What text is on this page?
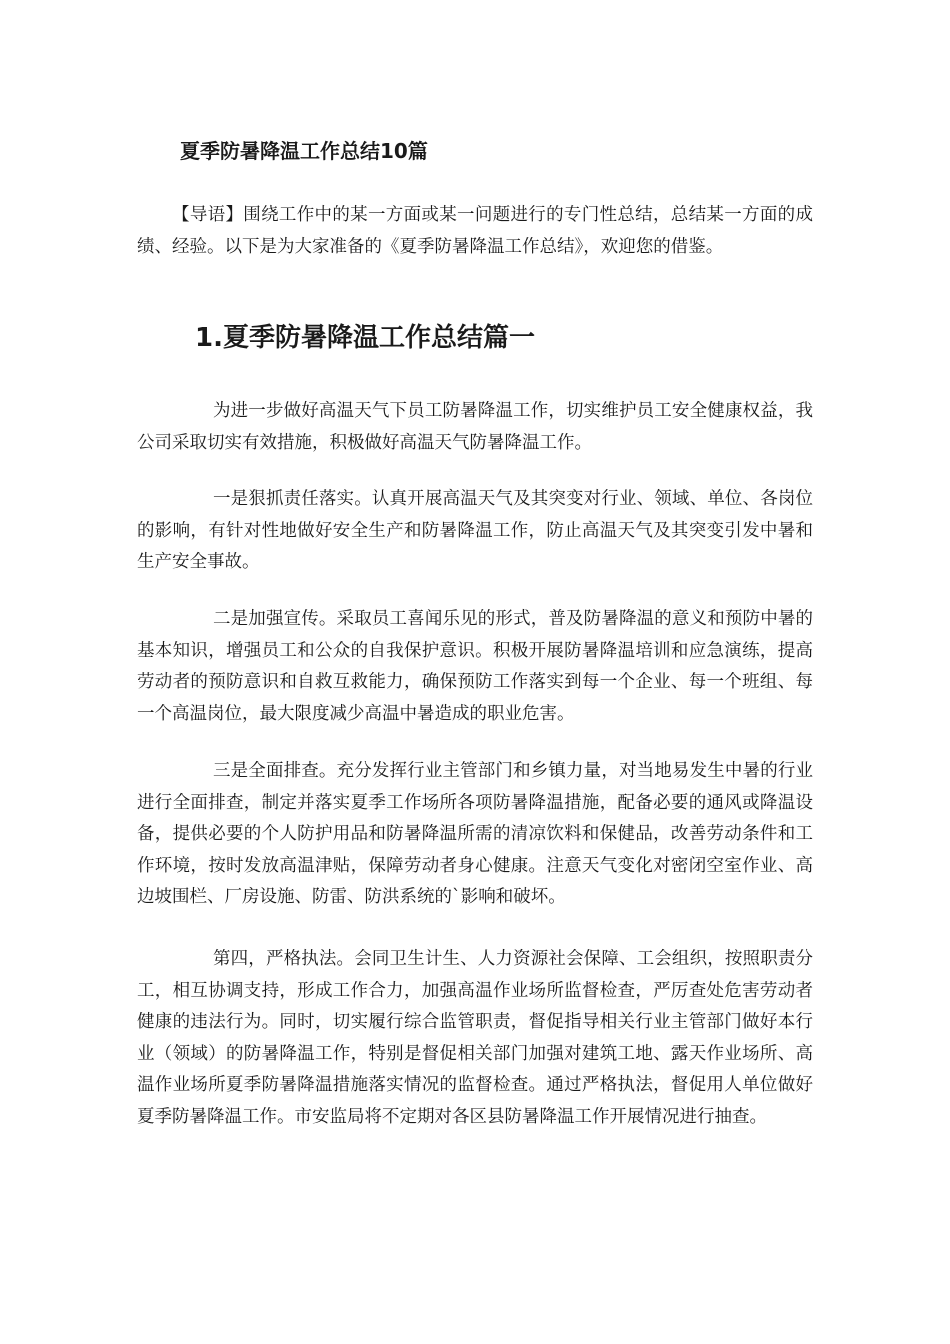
夏季防暑降温工作总结10篇

【导语】围绕工作中的某一方面或某一问题进行的专门性总结，总结某一方面的成绩、经验。以下是为大家准备的《夏季防暑降温工作总结》，欢迎您的借鉴。

1.夏季防暑降温工作总结篇一

为进一步做好高温天气下员工防暑降温工作，切实维护员工安全健康权益，我公司采取切实有效措施，积极做好高温天气防暑降温工作。

一是狠抓责任落实。认真开展高温天气及其突变对行业、领域、单位、各岗位的影响，有针对性地做好安全生产和防暑降温工作，防止高温天气及其突变引发中暑和生产安全事故。

二是加强宣传。采取员工喜闻乐见的形式，普及防暑降温的意义和预防中暑的基本知识，增强员工和公众的自我保护意识。积极开展防暑降温培训和应急演练，提高劳动者的预防意识和自救互救能力，确保预防工作落实到每一个企业、每一个班组、每一个高温岗位，最大限度减少高温中暑造成的职业危害。

三是全面排查。充分发挥行业主管部门和乡镇力量，对当地易发生中暑的行业进行全面排查，制定并落实夏季工作场所各项防暑降温措施，配备必要的通风或降温设备，提供必要的个人防护用品和防暑降温所需的清凉饮料和保健品，改善劳动条件和工作环境，按时发放高温津贴，保障劳动者身心健康。注意天气变化对密闭空室作业、高边坡围栏、厂房设施、防雷、防洪系统的`影响和破坏。

第四，严格执法。会同卫生计生、人力资源社会保障、工会组织，按照职责分工，相互协调支持，形成工作合力，加强高温作业场所监督检查，严厉查处危害劳动者健康的违法行为。同时，切实履行综合监管职责，督促指导相关行业主管部门做好本行业（领域）的防暑降温工作，特别是督促相关部门加强对建筑工地、露天作业场所、高温作业场所夏季防暑降温措施落实情况的监督检查。通过严格执法，督促用人单位做好夏季防暑降温工作。市安监局将不定期对各区县防暑降温工作开展情况进行抽查。
